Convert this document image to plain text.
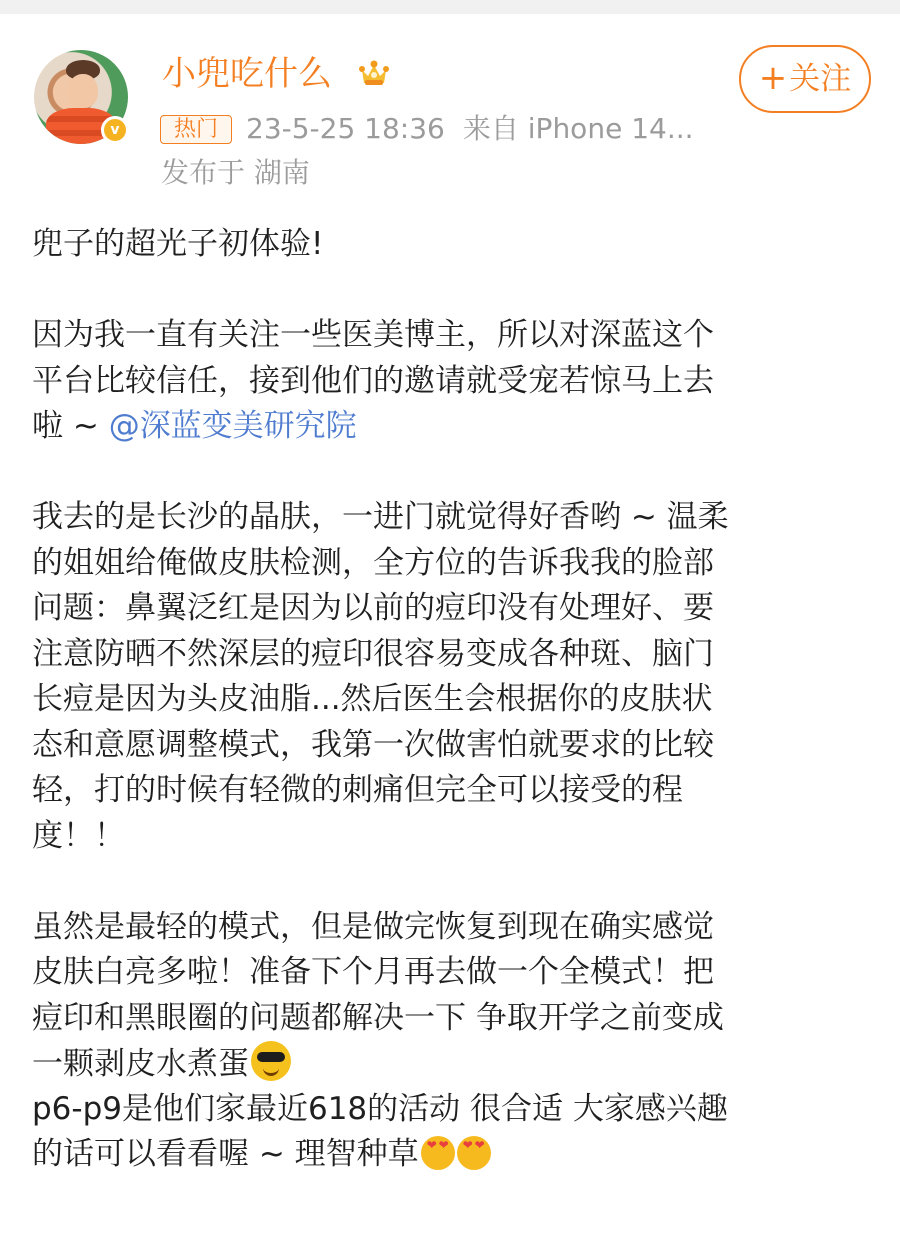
v
小兜吃什么	+ 关注
热门	23-5-25 18:36 来自 iPhone 14...
发布于 湖南
兜子的超光子初体验!
因为我一直有关注一些医美博主，所以对深蓝这个
平台比较信任，接到他们的邀请就受宠若惊马上去
啦 ~ @深蓝变美研究院
我去的是长沙的晶肤，一进门就觉得好香哟 ~ 温柔
的姐姐给俺做皮肤检测，全方位的告诉我我的脸部
问题：鼻翼泛红是因为以前的痘印没有处理好、要
注意防晒不然深层的痘印很容易变成各种斑、脑门
长痘是因为头皮油脂...然后医生会根据你的皮肤状
态和意愿调整模式，我第一次做害怕就要求的比较
轻，打的时候有轻微的刺痛但完全可以接受的程
度！！
虽然是最轻的模式，但是做完恢复到现在确实感觉
皮肤白亮多啦！准备下个月再去做一个全模式！把
痘印和黑眼圈的问题都解决一下 争取开学之前变成
一颗剥皮水煮蛋
p6-p9是他们家最近618的活动 很合适 大家感兴趣
的话可以看看喔 ~ 理智种草❤ ❤❤ ❤
